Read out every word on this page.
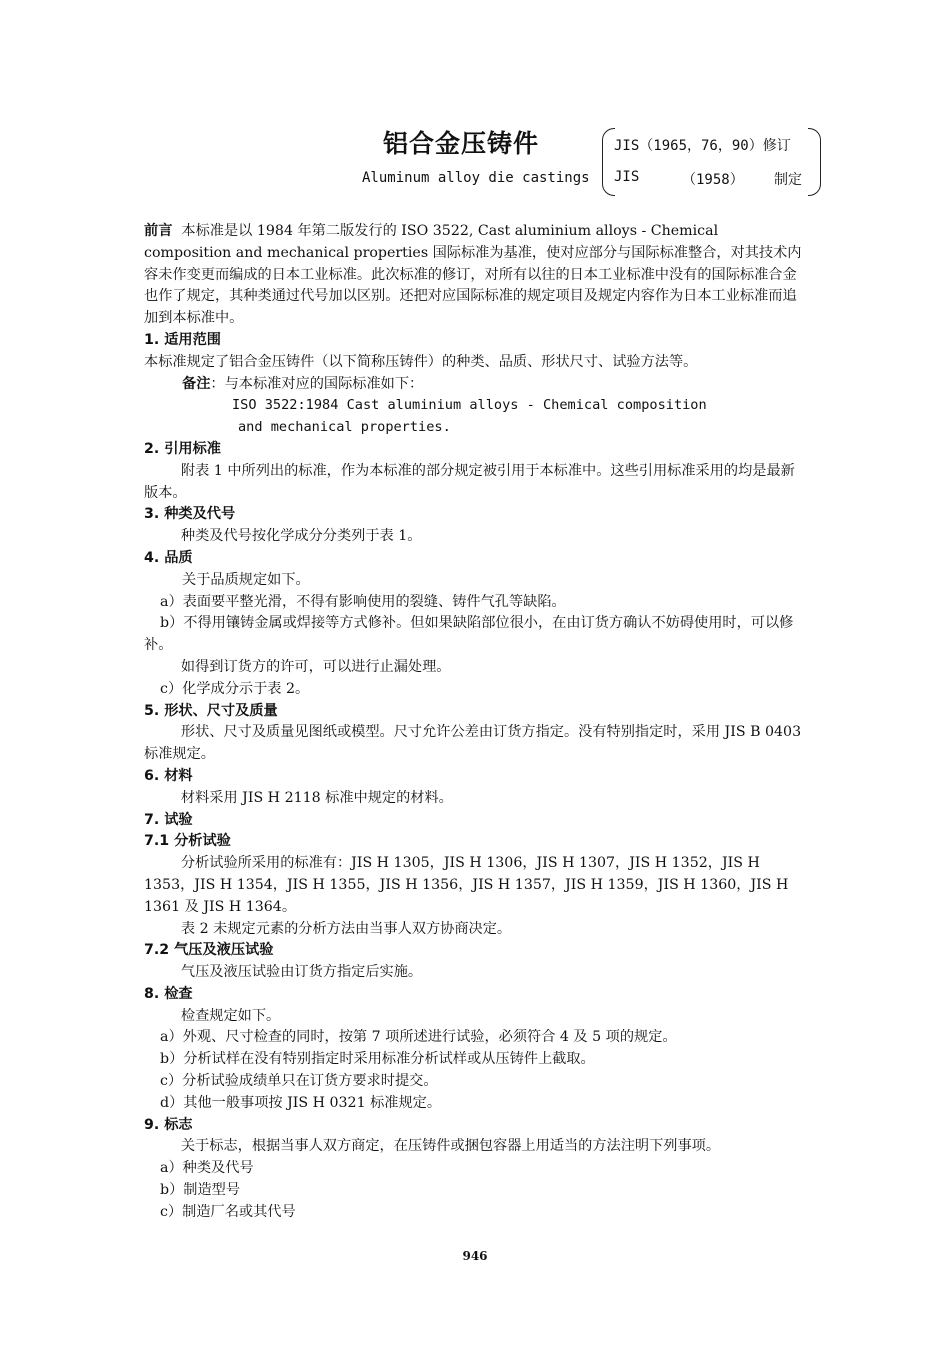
铝合金压铸件
Aluminum alloy die castings
JIS（1965，76，90）修订
JIS	（1958） 制定

前言 本标准是以 1984 年第二版发行的 ISO 3522, Cast aluminium alloys - Chemical composition and mechanical properties 国际标准为基准，使对应部分与国际标准整合，对其技术内容未作变更而编成的日本工业标准。此次标准的修订，对所有以往的日本工业标准中没有的国际标准合金也作了规定，其种类通过代号加以区别。还把对应国际标准的规定项目及规定内容作为日本工业标准而追加到本标准中。

1. 适用范围

本标准规定了铝合金压铸件（以下简称压铸件）的种类、品质、形状尺寸、试验方法等。

备注：与本标准对应的国际标准如下：

ISO 3522:1984 Cast aluminium alloys - Chemical composition

and mechanical properties.

2. 引用标准

附表 1 中所列出的标准，作为本标准的部分规定被引用于本标准中。这些引用标准采用的均是最新版本。

3. 种类及代号

种类及代号按化学成分分类列于表 1。

4. 品质

关于品质规定如下。

a）表面要平整光滑，不得有影响使用的裂缝、铸件气孔等缺陷。

b）不得用镶铸金属或焊接等方式修补。但如果缺陷部位很小，在由订货方确认不妨碍使用时，可以修补。

如得到订货方的许可，可以进行止漏处理。

c）化学成分示于表 2。

5. 形状、尺寸及质量

形状、尺寸及质量见图纸或模型。尺寸允许公差由订货方指定。没有特别指定时，采用 JIS B 0403 标准规定。

6. 材料

材料采用 JIS H 2118 标准中规定的材料。

7. 试验

7.1 分析试验

分析试验所采用的标准有：JIS H 1305，JIS H 1306，JIS H 1307，JIS H 1352，JIS H 1353，JIS H 1354，JIS H 1355，JIS H 1356，JIS H 1357，JIS H 1359，JIS H 1360，JIS H 1361 及 JIS H 1364。

表 2 未规定元素的分析方法由当事人双方协商决定。

7.2 气压及液压试验

气压及液压试验由订货方指定后实施。

8. 检查

检查规定如下。

a）外观、尺寸检查的同时，按第 7 项所述进行试验，必须符合 4 及 5 项的规定。

b）分析试样在没有特别指定时采用标准分析试样或从压铸件上截取。

c）分析试验成绩单只在订货方要求时提交。

d）其他一般事项按 JIS H 0321 标准规定。

9. 标志

关于标志，根据当事人双方商定，在压铸件或捆包容器上用适当的方法注明下列事项。

a）种类及代号

b）制造型号

c）制造厂名或其代号

946
